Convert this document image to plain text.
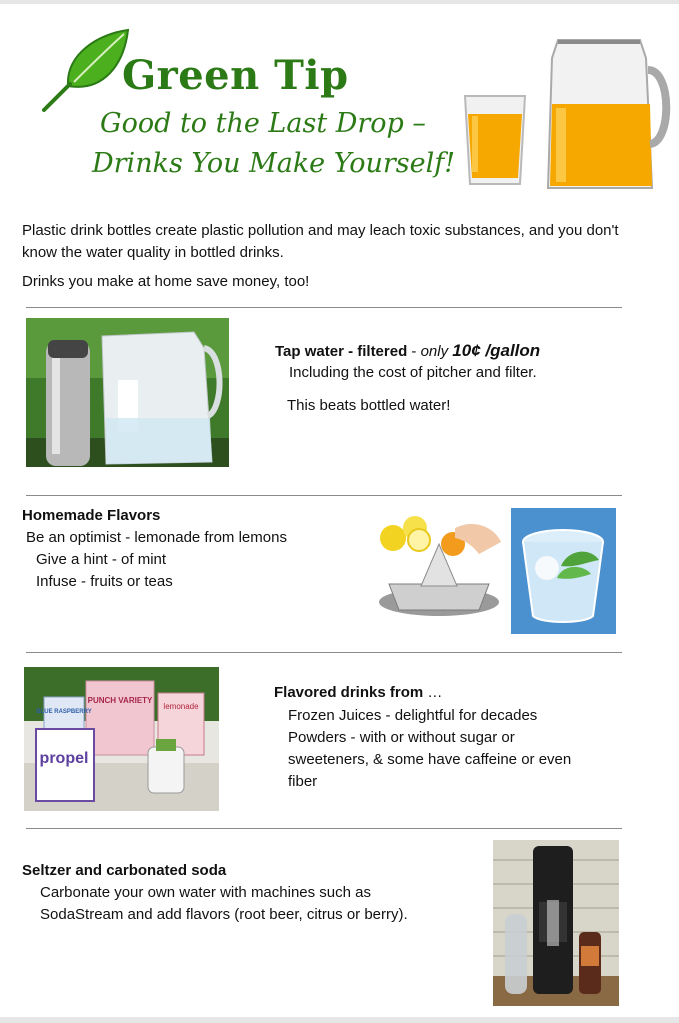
Green Tip

Good to the Last Drop –

Drinks You Make Yourself!

Plastic drink bottles create plastic pollution and may leach toxic substances, and you don't know the water quality in bottled drinks.

Drinks you make at home save money, too!

Tap water - filtered - only 10¢ /gallon

Including the cost of pitcher and filter.

This beats bottled water!

Homemade Flavors

Be an optimist - lemonade from lemons

Give a hint - of mint

Infuse - fruits or teas

PUNCH VARIETY
lemonade
BLUE RASPBERRY
propel

Flavored drinks from …

Frozen Juices - delightful for decades

Powders - with or without sugar or

sweeteners, & some have caffeine or even

fiber

Seltzer and carbonated soda

Carbonate your own water with machines such as

SodaStream and add flavors (root beer, citrus or berry).
